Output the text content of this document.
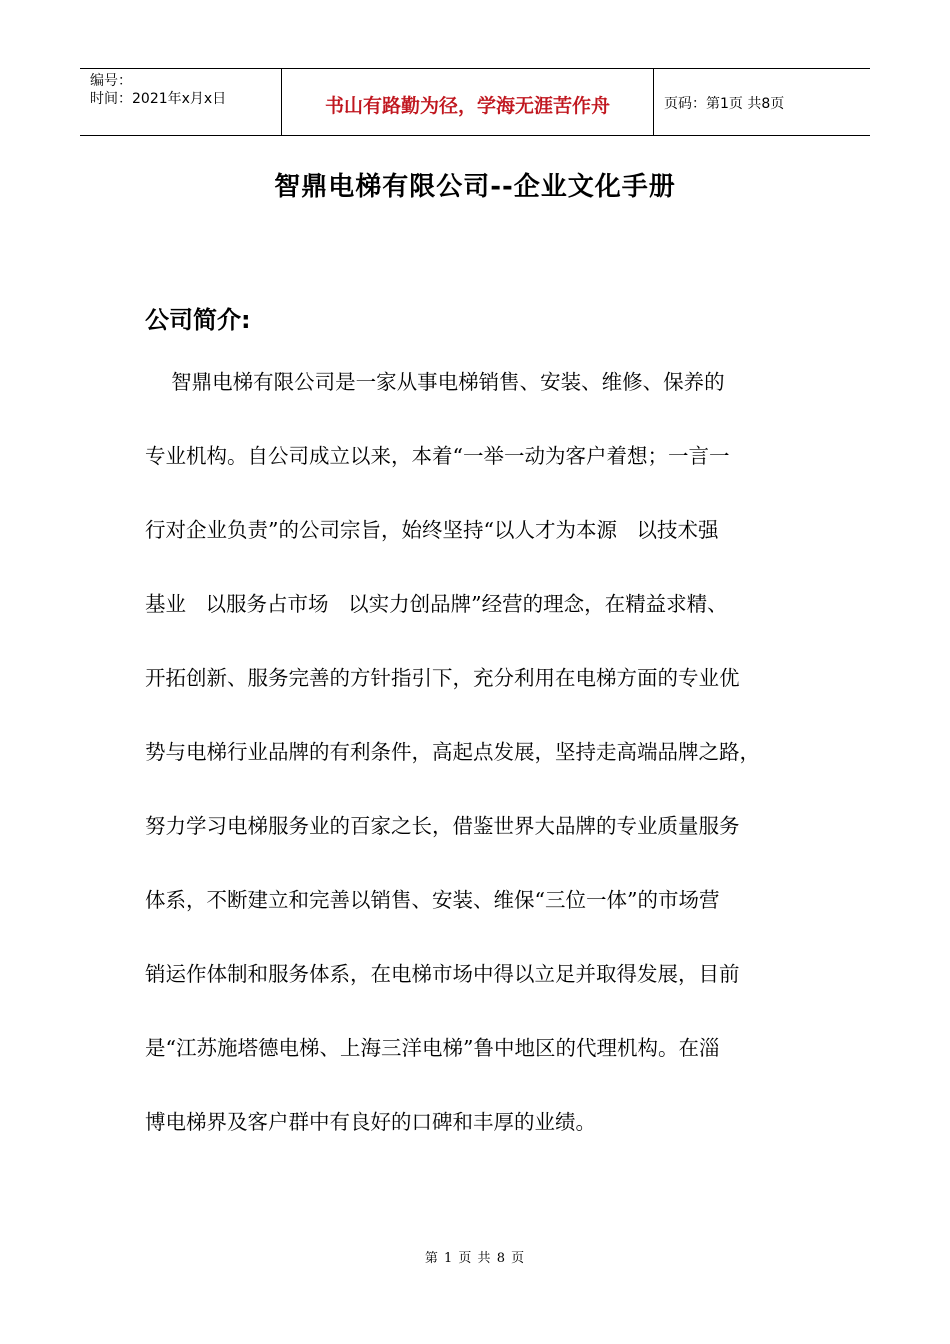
编号：
时间：2021年x月x日	书山有路勤为径，学海无涯苦作舟	页码：第1页 共8页
智鼎电梯有限公司--企业文化手册
公司简介:
智鼎电梯有限公司是一家从事电梯销售、安装、维修、保养的
专业机构。自公司成立以来，本着“一举一动为客户着想；一言一
行对企业负责”的公司宗旨，始终坚持“以人才为本源   以技术强
基业   以服务占市场   以实力创品牌”经营的理念，在精益求精、
开拓创新、服务完善的方针指引下，充分利用在电梯方面的专业优
势与电梯行业品牌的有利条件，高起点发展，坚持走高端品牌之路，
努力学习电梯服务业的百家之长，借鉴世界大品牌的专业质量服务
体系，不断建立和完善以销售、安装、维保“三位一体”的市场营
销运作体制和服务体系，在电梯市场中得以立足并取得发展，目前
是“江苏施塔德电梯、上海三洋电梯”鲁中地区的代理机构。在淄
博电梯界及客户群中有良好的口碑和丰厚的业绩。
第 1 页 共 8 页
